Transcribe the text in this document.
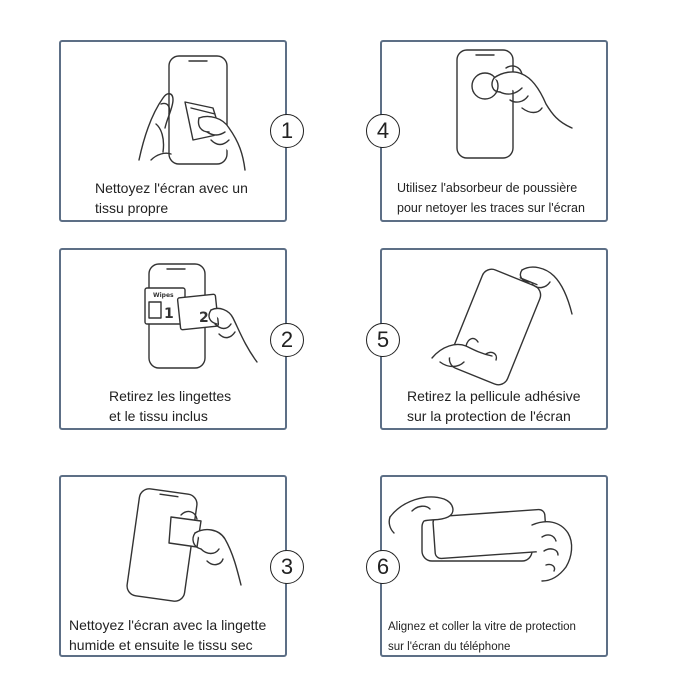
Nettoyez l'écran avec un
tissu propre
1
Utilisez l'absorbeur de poussière
pour netoyer les traces sur l'écran
4
Wipes
1 2
Retirez les lingettes
et le tissu inclus
2
Retirez la pellicule adhésive
sur la protection de l'écran
5
Nettoyez l'écran avec la lingette
humide et ensuite le tissu sec
3
Alignez et coller la vitre de protection
sur l'écran du téléphone
6
